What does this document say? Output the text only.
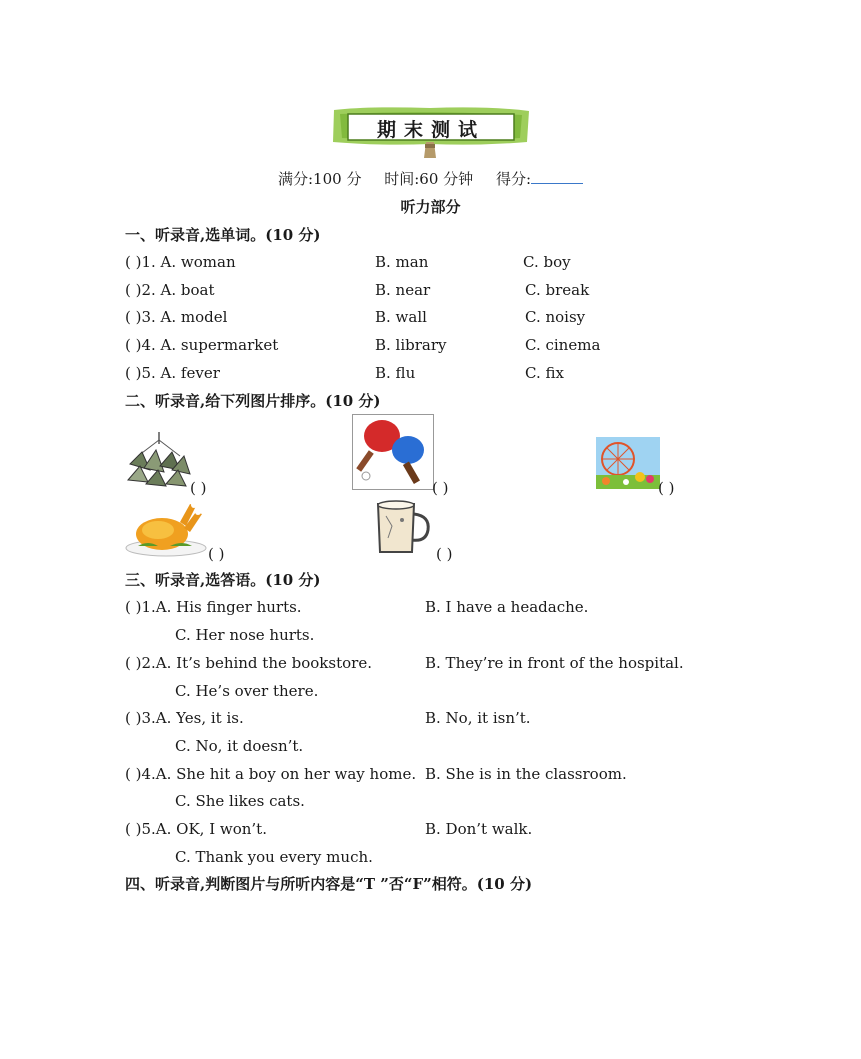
期末测试
满分:100 分 时间:60 分钟 得分:
听力部分
一、听录音,选单词。(10 分)
( )1. A. woman	B. man	C. boy
( )2. A. boat	B. near	C. break
( )3. A. model	B. wall	C. noisy
( )4. A. supermarket	B. library	C. cinema
( )5. A. fever	B. flu	C. fix
二、听录音,给下列图片排序。(10 分)
( )	( )	( )
( )	( )
三、听录音,选答语。(10 分)
( )1.A. His finger hurts.	B. I have a headache.
C. Her nose hurts.
( )2.A. It’s behind the bookstore.	B. They’re in front of the hospital.
C. He’s over there.
( )3.A. Yes, it is.	B. No, it isn’t.
C. No, it doesn’t.
( )4.A. She hit a boy on her way home. B. She is in the classroom.
C. She likes cats.
( )5.A. OK, I won’t.	B. Don’t walk.
C. Thank you every much.
四、听录音,判断图片与所听内容是“T ”否“F”相符。(10 分)
